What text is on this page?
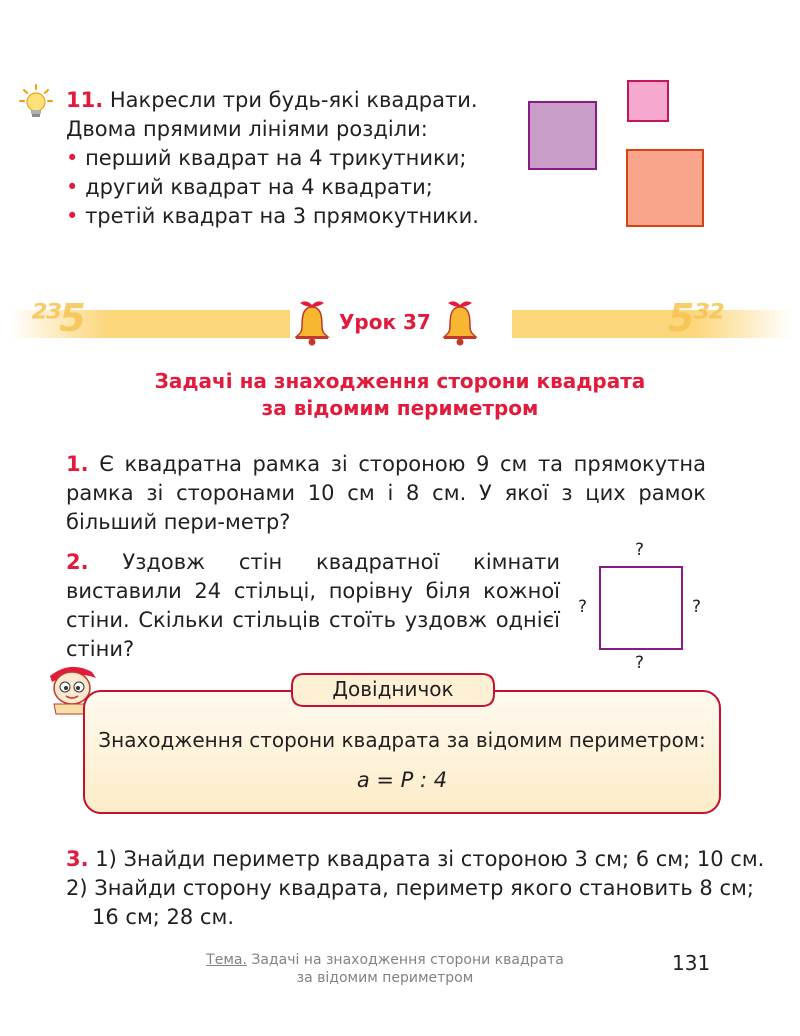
11. Накресли три будь-які квадрати.
Двома прямими лініями розділи:
• перший квадрат на 4 трикутники;
• другий квадрат на 4 квадрати;
• третій квадрат на 3 прямокутники.
²³5	5³²
Урок 37
Задачі на знаходження сторони квадрата
за відомим периметром
1. Є квадратна рамка зі стороною 9 см та прямокутна рамка зі сторонами 10 см і 8 см. У якої з цих рамок більший пери-метр?
2. Уздовж стін квадратної кімнати виставили 24 стільці, порівну біля кожної стіни. Скільки стільців стоїть уздовж однієї стіни?
?
?	?
?
Довідничок
Знаходження сторони квадрата за відомим периметром:
a = P : 4
3. 1) Знайди периметр квадрата зі стороною 3 см; 6 см; 10 см.
2) Знайди сторону квадрата, периметр якого становить 8 см;
16 см; 28 см.
Тема. Задачі на знаходження сторони квадрата
за відомим периметром
131
